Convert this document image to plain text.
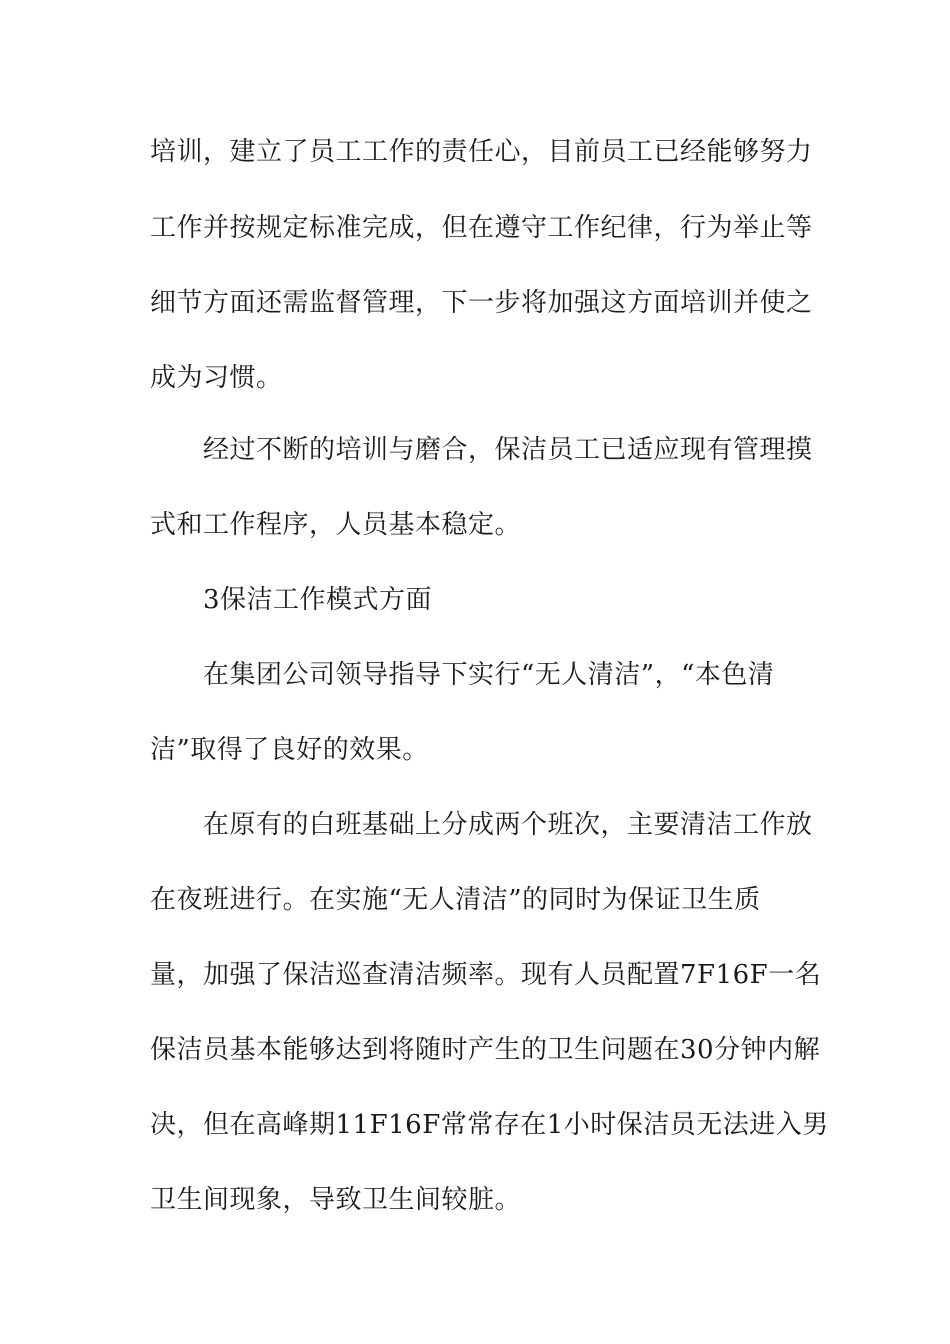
培训，建立了员工工作的责任心，目前员工已经能够努力
工作并按规定标准完成，但在遵守工作纪律，行为举止等
细节方面还需监督管理，下一步将加强这方面培训并使之
成为习惯。
经过不断的培训与磨合，保洁员工已适应现有管理摸
式和工作程序，人员基本稳定。
3保洁工作模式方面
在集团公司领导指导下实行“无人清洁”，“本色清
洁”取得了良好的效果。
在原有的白班基础上分成两个班次，主要清洁工作放
在夜班进行。在实施“无人清洁”的同时为保证卫生质
量，加强了保洁巡查清洁频率。现有人员配置7F16F一名
保洁员基本能够达到将随时产生的卫生问题在30分钟内解
决，但在高峰期11F16F常常存在1小时保洁员无法进入男
卫生间现象，导致卫生间较脏。
